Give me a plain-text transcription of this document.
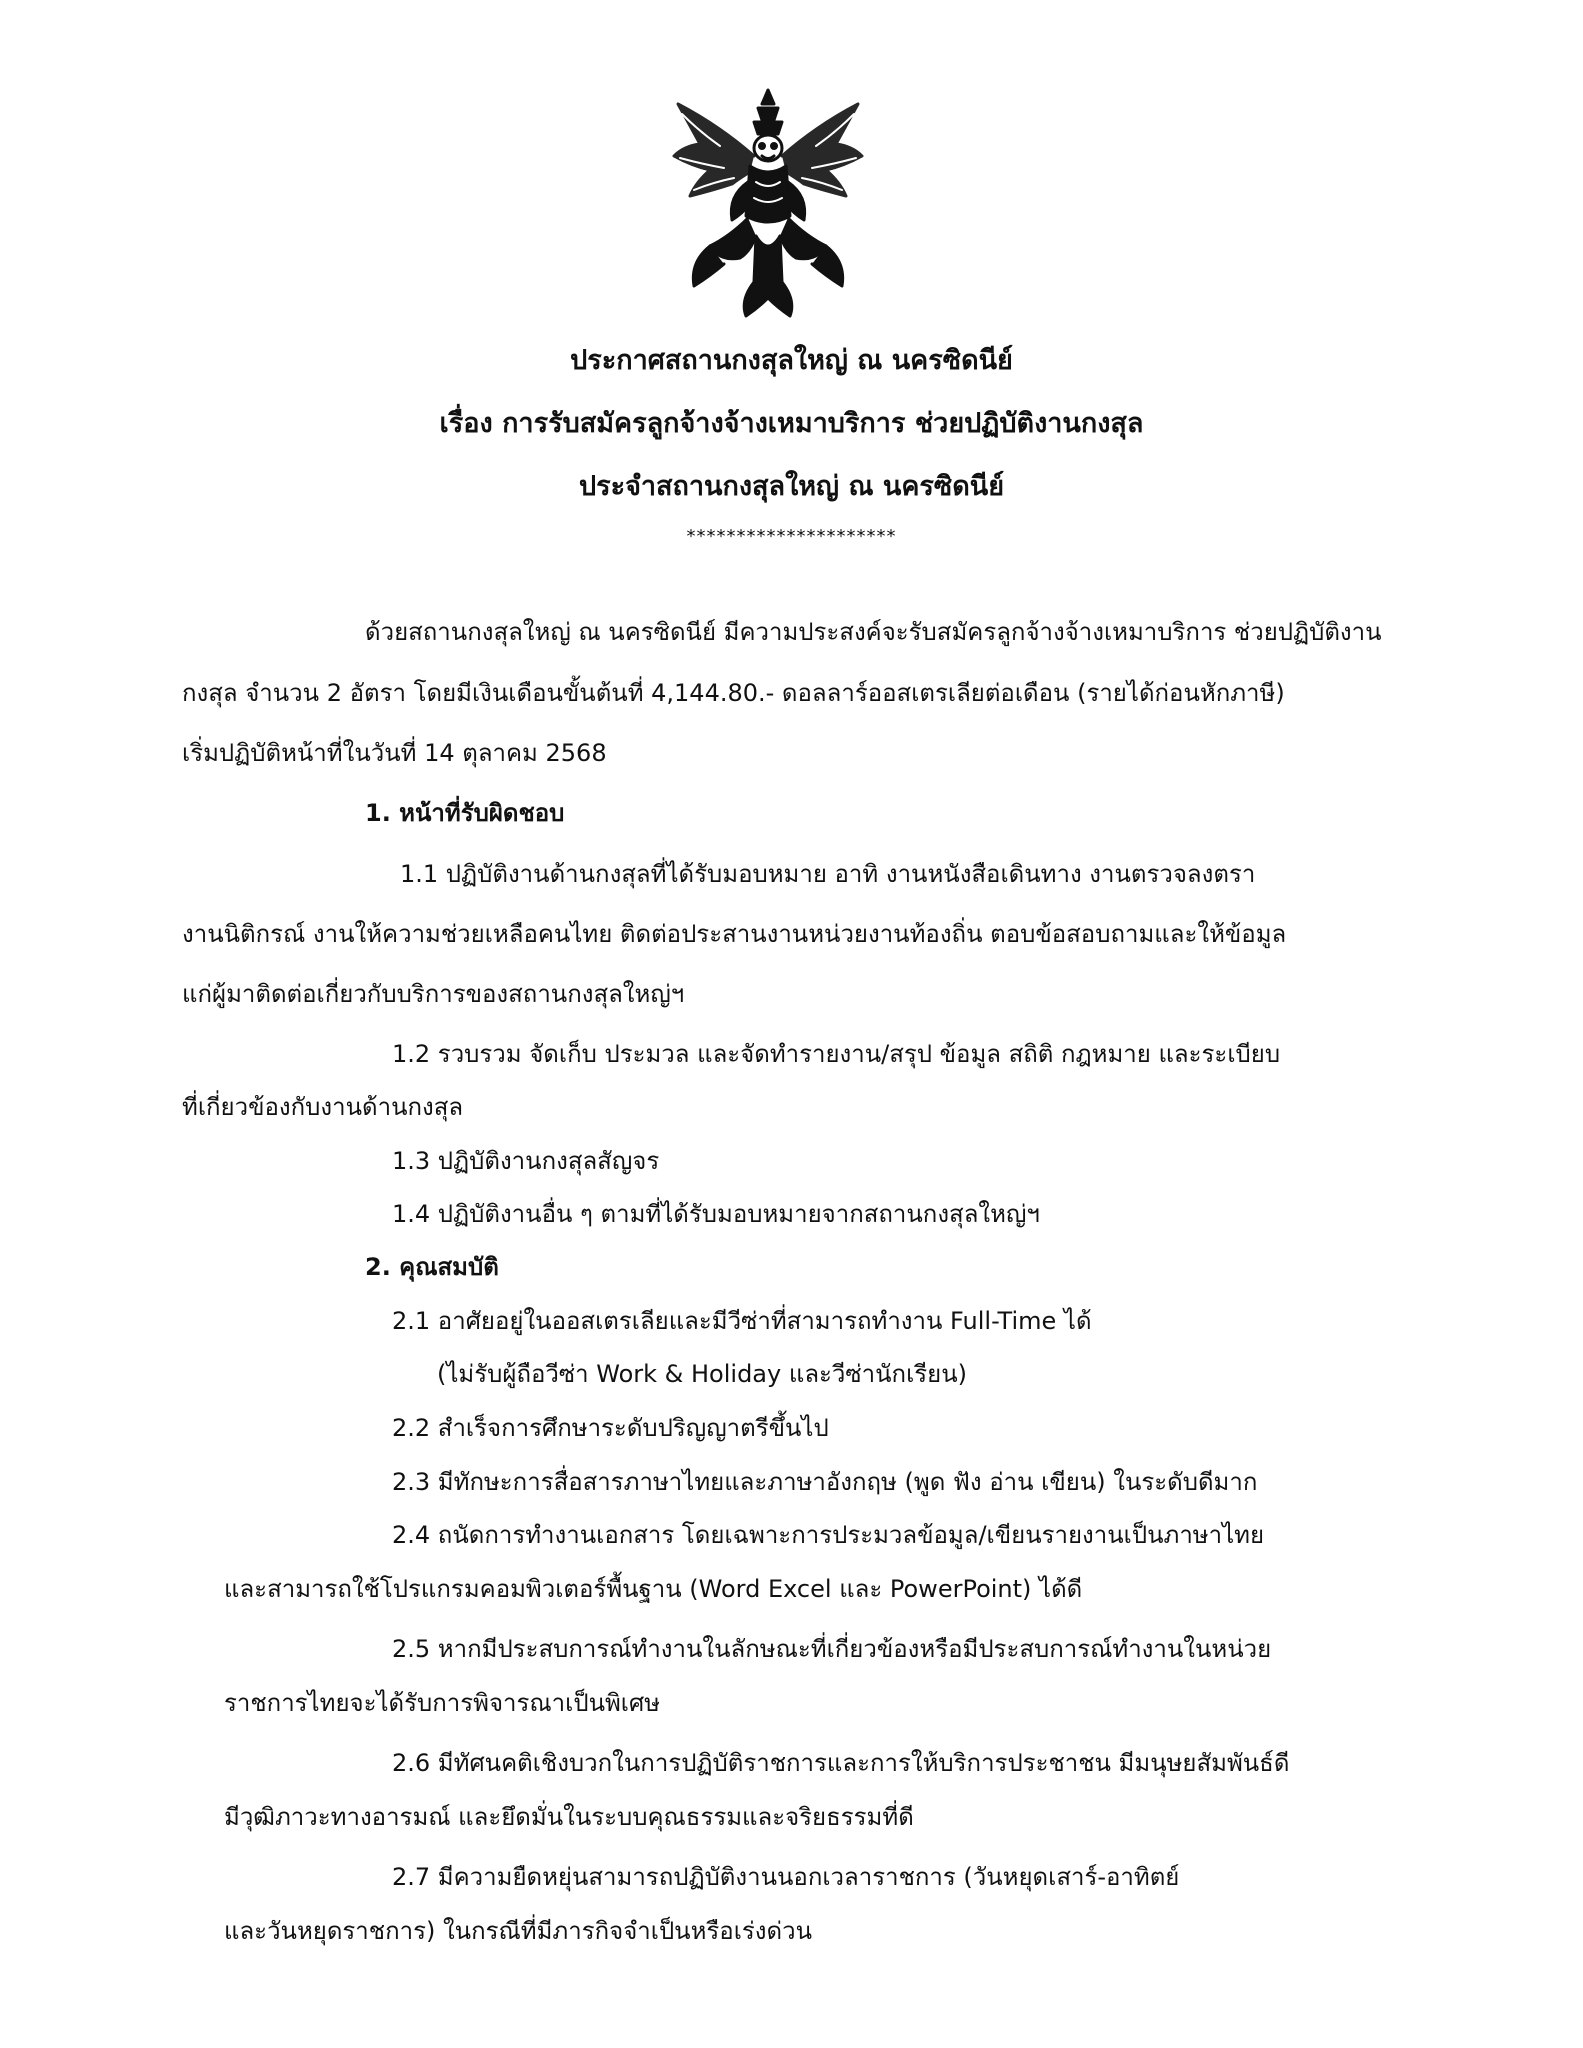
ประกาศสถานกงสุลใหญ่ ณ นครซิดนีย์
เรื่อง การรับสมัครลูกจ้างจ้างเหมาบริการ ช่วยปฏิบัติงานกงสุล
ประจำสถานกงสุลใหญ่ ณ นครซิดนีย์
*********************
ด้วยสถานกงสุลใหญ่ ณ นครซิดนีย์ มีความประสงค์จะรับสมัครลูกจ้างจ้างเหมาบริการ ช่วยปฏิบัติงาน
กงสุล จำนวน 2 อัตรา โดยมีเงินเดือนขั้นต้นที่ 4,144.80.- ดอลลาร์ออสเตรเลียต่อเดือน (รายได้ก่อนหักภาษี)
เริ่มปฏิบัติหน้าที่ในวันที่ 14 ตุลาคม 2568
1. หน้าที่รับผิดชอบ
1.1 ปฏิบัติงานด้านกงสุลที่ได้รับมอบหมาย อาทิ งานหนังสือเดินทาง งานตรวจลงตรา
งานนิติกรณ์ งานให้ความช่วยเหลือคนไทย ติดต่อประสานงานหน่วยงานท้องถิ่น ตอบข้อสอบถามและให้ข้อมูล
แก่ผู้มาติดต่อเกี่ยวกับบริการของสถานกงสุลใหญ่ฯ
1.2 รวบรวม จัดเก็บ ประมวล และจัดทำรายงาน/สรุป ข้อมูล สถิติ กฎหมาย และระเบียบ
ที่เกี่ยวข้องกับงานด้านกงสุล
1.3 ปฏิบัติงานกงสุลสัญจร
1.4 ปฏิบัติงานอื่น ๆ ตามที่ได้รับมอบหมายจากสถานกงสุลใหญ่ฯ
2. คุณสมบัติ
2.1 อาศัยอยู่ในออสเตรเลียและมีวีซ่าที่สามารถทำงาน Full-Time ได้
(ไม่รับผู้ถือวีซ่า Work & Holiday และวีซ่านักเรียน)
2.2 สำเร็จการศึกษาระดับปริญญาตรีขึ้นไป
2.3 มีทักษะการสื่อสารภาษาไทยและภาษาอังกฤษ (พูด ฟัง อ่าน เขียน) ในระดับดีมาก
2.4 ถนัดการทำงานเอกสาร โดยเฉพาะการประมวลข้อมูล/เขียนรายงานเป็นภาษาไทย
และสามารถใช้โปรแกรมคอมพิวเตอร์พื้นฐาน (Word Excel และ PowerPoint) ได้ดี
2.5 หากมีประสบการณ์ทำงานในลักษณะที่เกี่ยวข้องหรือมีประสบการณ์ทำงานในหน่วย
ราชการไทยจะได้รับการพิจารณาเป็นพิเศษ
2.6 มีทัศนคติเชิงบวกในการปฏิบัติราชการและการให้บริการประชาชน มีมนุษยสัมพันธ์ดี
มีวุฒิภาวะทางอารมณ์ และยึดมั่นในระบบคุณธรรมและจริยธรรมที่ดี
2.7 มีความยืดหยุ่นสามารถปฏิบัติงานนอกเวลาราชการ (วันหยุดเสาร์-อาทิตย์
และวันหยุดราชการ) ในกรณีที่มีภารกิจจำเป็นหรือเร่งด่วน
